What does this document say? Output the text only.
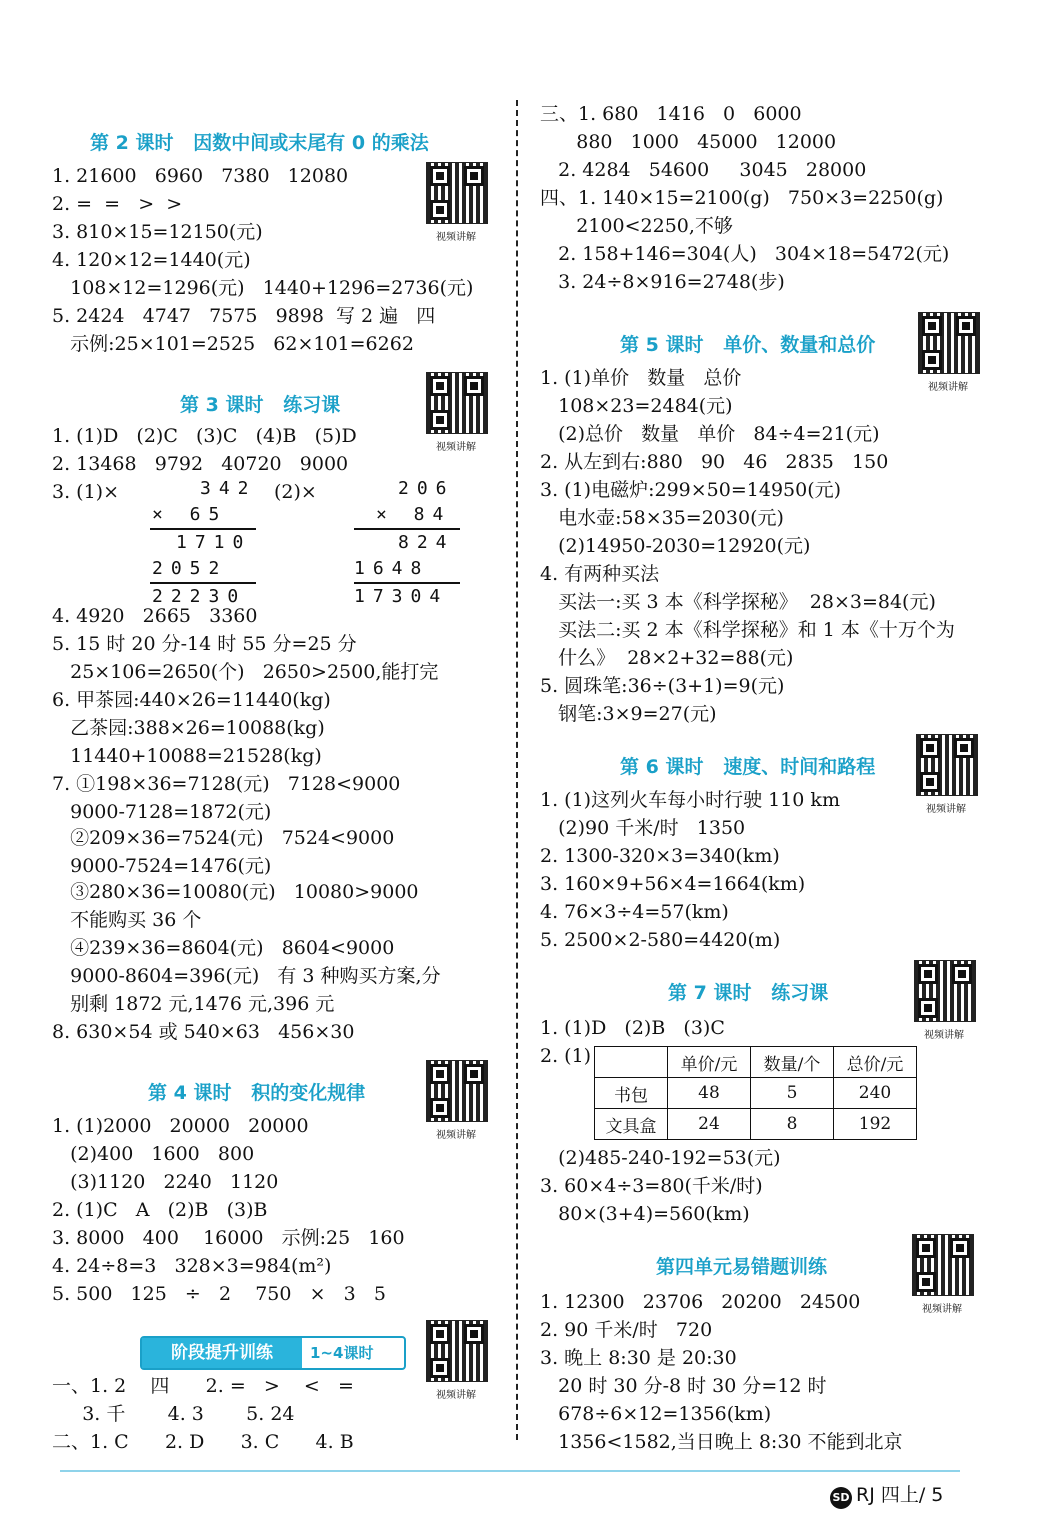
第 2 课时   因数中间或末尾有 0 的乘法
视频讲解
1. 21600   6960   7380   12080
2. =  =   >  >
3. 810×15=12150(元)
4. 120×12=1440(元)
108×12=1296(元)   1440+1296=2736(元)
5. 2424   4747   7575   9898  写 2 遍   四
示例:25×101=2525   62×101=6262
第 3 课时   练习课
视频讲解
1. (1)D   (2)C   (3)C   (4)B   (5)D
2. 13468   9792   40720   9000
3. (1)×
4. 4920   2665   3360
5. 15 时 20 分-14 时 55 分=25 分
25×106=2650(个)   2650>2500,能打完
6. 甲茶园:440×26=11440(kg)
乙茶园:388×26=10088(kg)
11440+10088=21528(kg)
7. ①198×36=7128(元)   7128<9000
9000-7128=1872(元)
②209×36=7524(元)   7524<9000
9000-7524=1476(元)
③280×36=10080(元)   10080>9000
不能购买 36 个
④239×36=8604(元)   8604<9000
9000-8604=396(元)   有 3 种购买方案,分
别剩 1872 元,1476 元,396 元
8. 630×54 或 540×63   456×30
342
× 65
1710
2052
22230
(2)×	206
× 84
824
1648
17304
第 4 课时   积的变化规律
视频讲解
1. (1)2000   20000   20000
(2)400   1600   800
(3)1120   2240   1120
2. (1)C   A   (2)B   (3)B
3. 8000   400    16000   示例:25   160
4. 24÷8=3   328×3=984(m²)
5. 500   125   ÷   2    750   ×   3   5
阶段提升训练	1~4课时
视频讲解
一、1. 2    四      2. =   >    <   =
3. 千       4. 3       5. 24
二、1. C      2. D      3. C      4. B
三、1. 680   1416   0   6000
880   1000   45000   12000
2. 4284   54600     3045   28000
四、1. 140×15=2100(g)   750×3=2250(g)
2100<2250,不够
2. 158+146=304(人)   304×18=5472(元)
3. 24÷8×916=2748(步)
第 5 课时   单价、数量和总价
视频讲解
1. (1)单价   数量   总价
108×23=2484(元)
(2)总价   数量   单价   84÷4=21(元)
2. 从左到右:880   90   46   2835   150
3. (1)电磁炉:299×50=14950(元)
电水壶:58×35=2030(元)
(2)14950-2030=12920(元)
4. 有两种买法
买法一:买 3 本《科学探秘》  28×3=84(元)
买法二:买 2 本《科学探秘》和 1 本《十万个为
什么》  28×2+32=88(元)
5. 圆珠笔:36÷(3+1)=9(元)
钢笔:3×9=27(元)
第 6 课时   速度、时间和路程
视频讲解
1. (1)这列火车每小时行驶 110 km
(2)90 千米/时   1350
2. 1300-320×3=340(km)
3. 160×9+56×4=1664(km)
4. 76×3÷4=57(km)
5. 2500×2-580=4420(m)
第 7 课时   练习课
视频讲解
1. (1)D   (2)B   (3)C
2. (1)
		单价/元	数量/个	总价/元
书包	48	5	240
文具盒	24	8	192
(2)485-240-192=53(元)
3. 60×4÷3=80(千米/时)
80×(3+4)=560(km)
第四单元易错题训练
视频讲解
1. 12300   23706   20200   24500
2. 90 千米/时   720
3. 晚上 8:30 是 20:30
20 时 30 分-8 时 30 分=12 时
678÷6×12=1356(km)
1356<1582,当日晚上 8:30 不能到北京
SD RJ 四上/ 5
